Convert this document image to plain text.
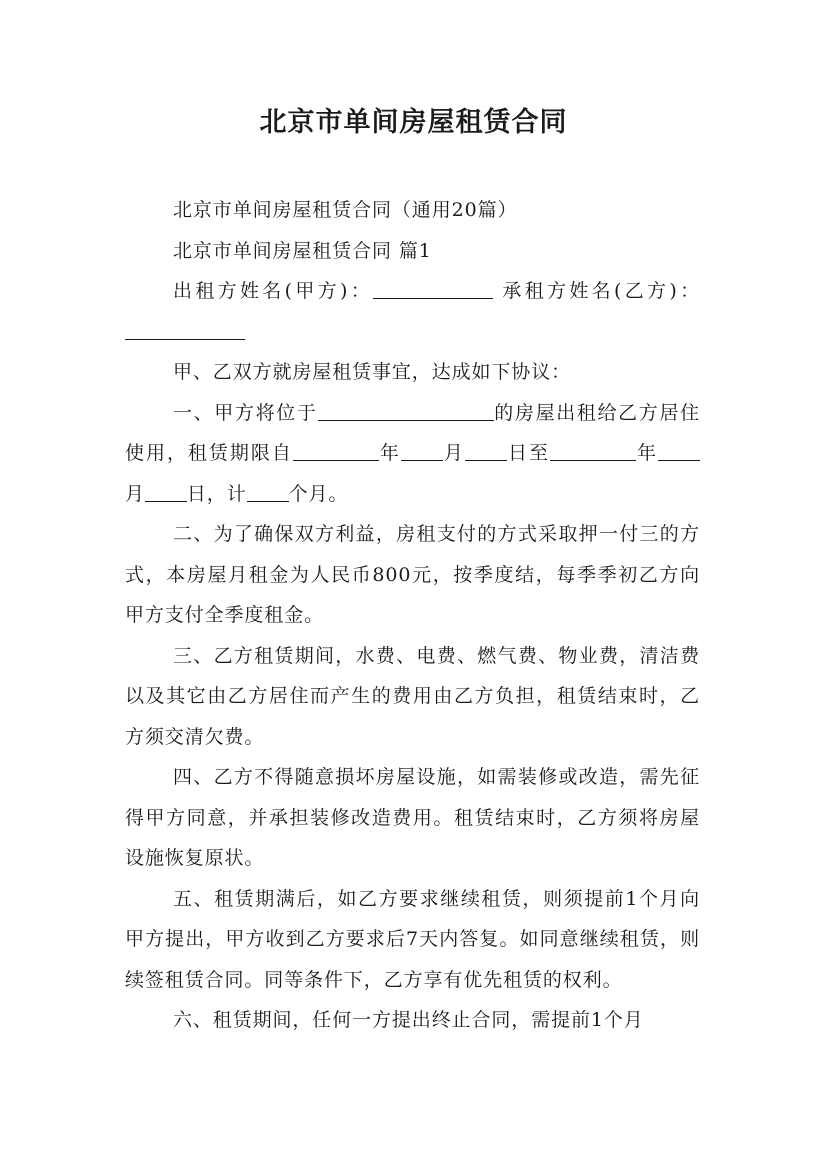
北京市单间房屋租赁合同

北京市单间房屋租赁合同（通用20篇）

北京市单间房屋租赁合同 篇1

出租方姓名(甲方)：	承租方姓名(乙方)：

甲、乙双方就房屋租赁事宜，达成如下协议：

一、甲方将位于	的房屋出租给乙方居住使用，租赁期限自	年 月 日至	年月 日，计 个月。

二、为了确保双方利益，房租支付的方式采取押一付三的方式，本房屋月租金为人民币800元，按季度结，每季季初乙方向甲方支付全季度租金。

三、乙方租赁期间，水费、电费、燃气费、物业费，清洁费以及其它由乙方居住而产生的费用由乙方负担，租赁结束时，乙方须交清欠费。

四、乙方不得随意损坏房屋设施，如需装修或改造，需先征得甲方同意，并承担装修改造费用。租赁结束时，乙方须将房屋设施恢复原状。

五、租赁期满后，如乙方要求继续租赁，则须提前1个月向甲方提出，甲方收到乙方要求后7天内答复。如同意继续租赁，则续签租赁合同。同等条件下，乙方享有优先租赁的权利。

六、租赁期间，任何一方提出终止合同，需提前1个月
